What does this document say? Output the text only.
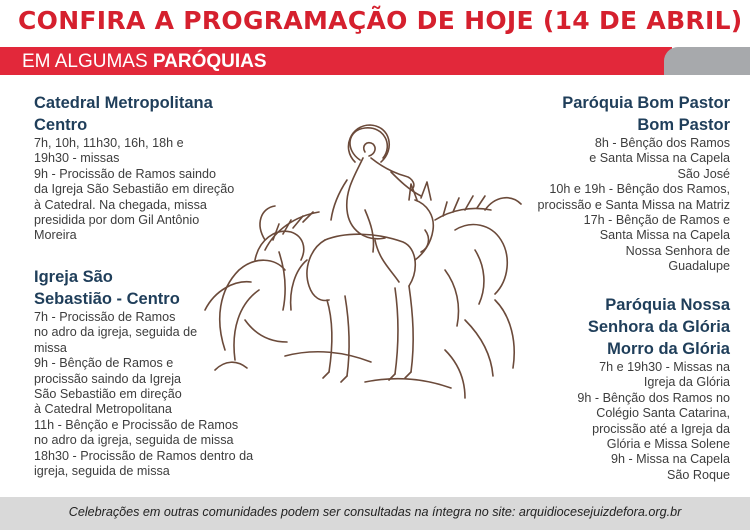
CONFIRA A PROGRAMAÇÃO DE HOJE (14 DE ABRIL)
EM ALGUMAS PARÓQUIAS
Catedral Metropolitana
Centro
7h, 10h, 11h30, 16h, 18h e
19h30 - missas
9h - Procissão de Ramos saindo
da Igreja São Sebastião em direção
à Catedral. Na chegada, missa
presidida por dom Gil Antônio
Moreira
Igreja São
Sebastião - Centro
7h - Procissão de Ramos
no adro da igreja, seguida de
missa
9h - Bênção de Ramos e
procissão saindo da Igreja
São Sebastião em direção
à Catedral Metropolitana
11h - Bênção e Procissão de Ramos
no adro da igreja, seguida de missa
18h30 - Procissão de Ramos dentro da
igreja, seguida de missa
Paróquia Bom Pastor
Bom Pastor
8h - Bênção dos Ramos
e Santa Missa na Capela
São José
10h e 19h - Bênção dos Ramos,
procissão e Santa Missa na Matriz
17h - Bênção de Ramos e
Santa Missa na Capela
Nossa Senhora de
Guadalupe
Paróquia Nossa
Senhora da Glória
Morro da Glória
7h e 19h30 - Missas na
Igreja da Glória
9h - Bênção dos Ramos no
Colégio Santa Catarina,
procissão até a Igreja da
Glória e Missa Solene
9h - Missa na Capela
São Roque
Celebrações em outras comunidades podem ser consultadas na íntegra no site: arquidiocesejuizdefora.org.br
